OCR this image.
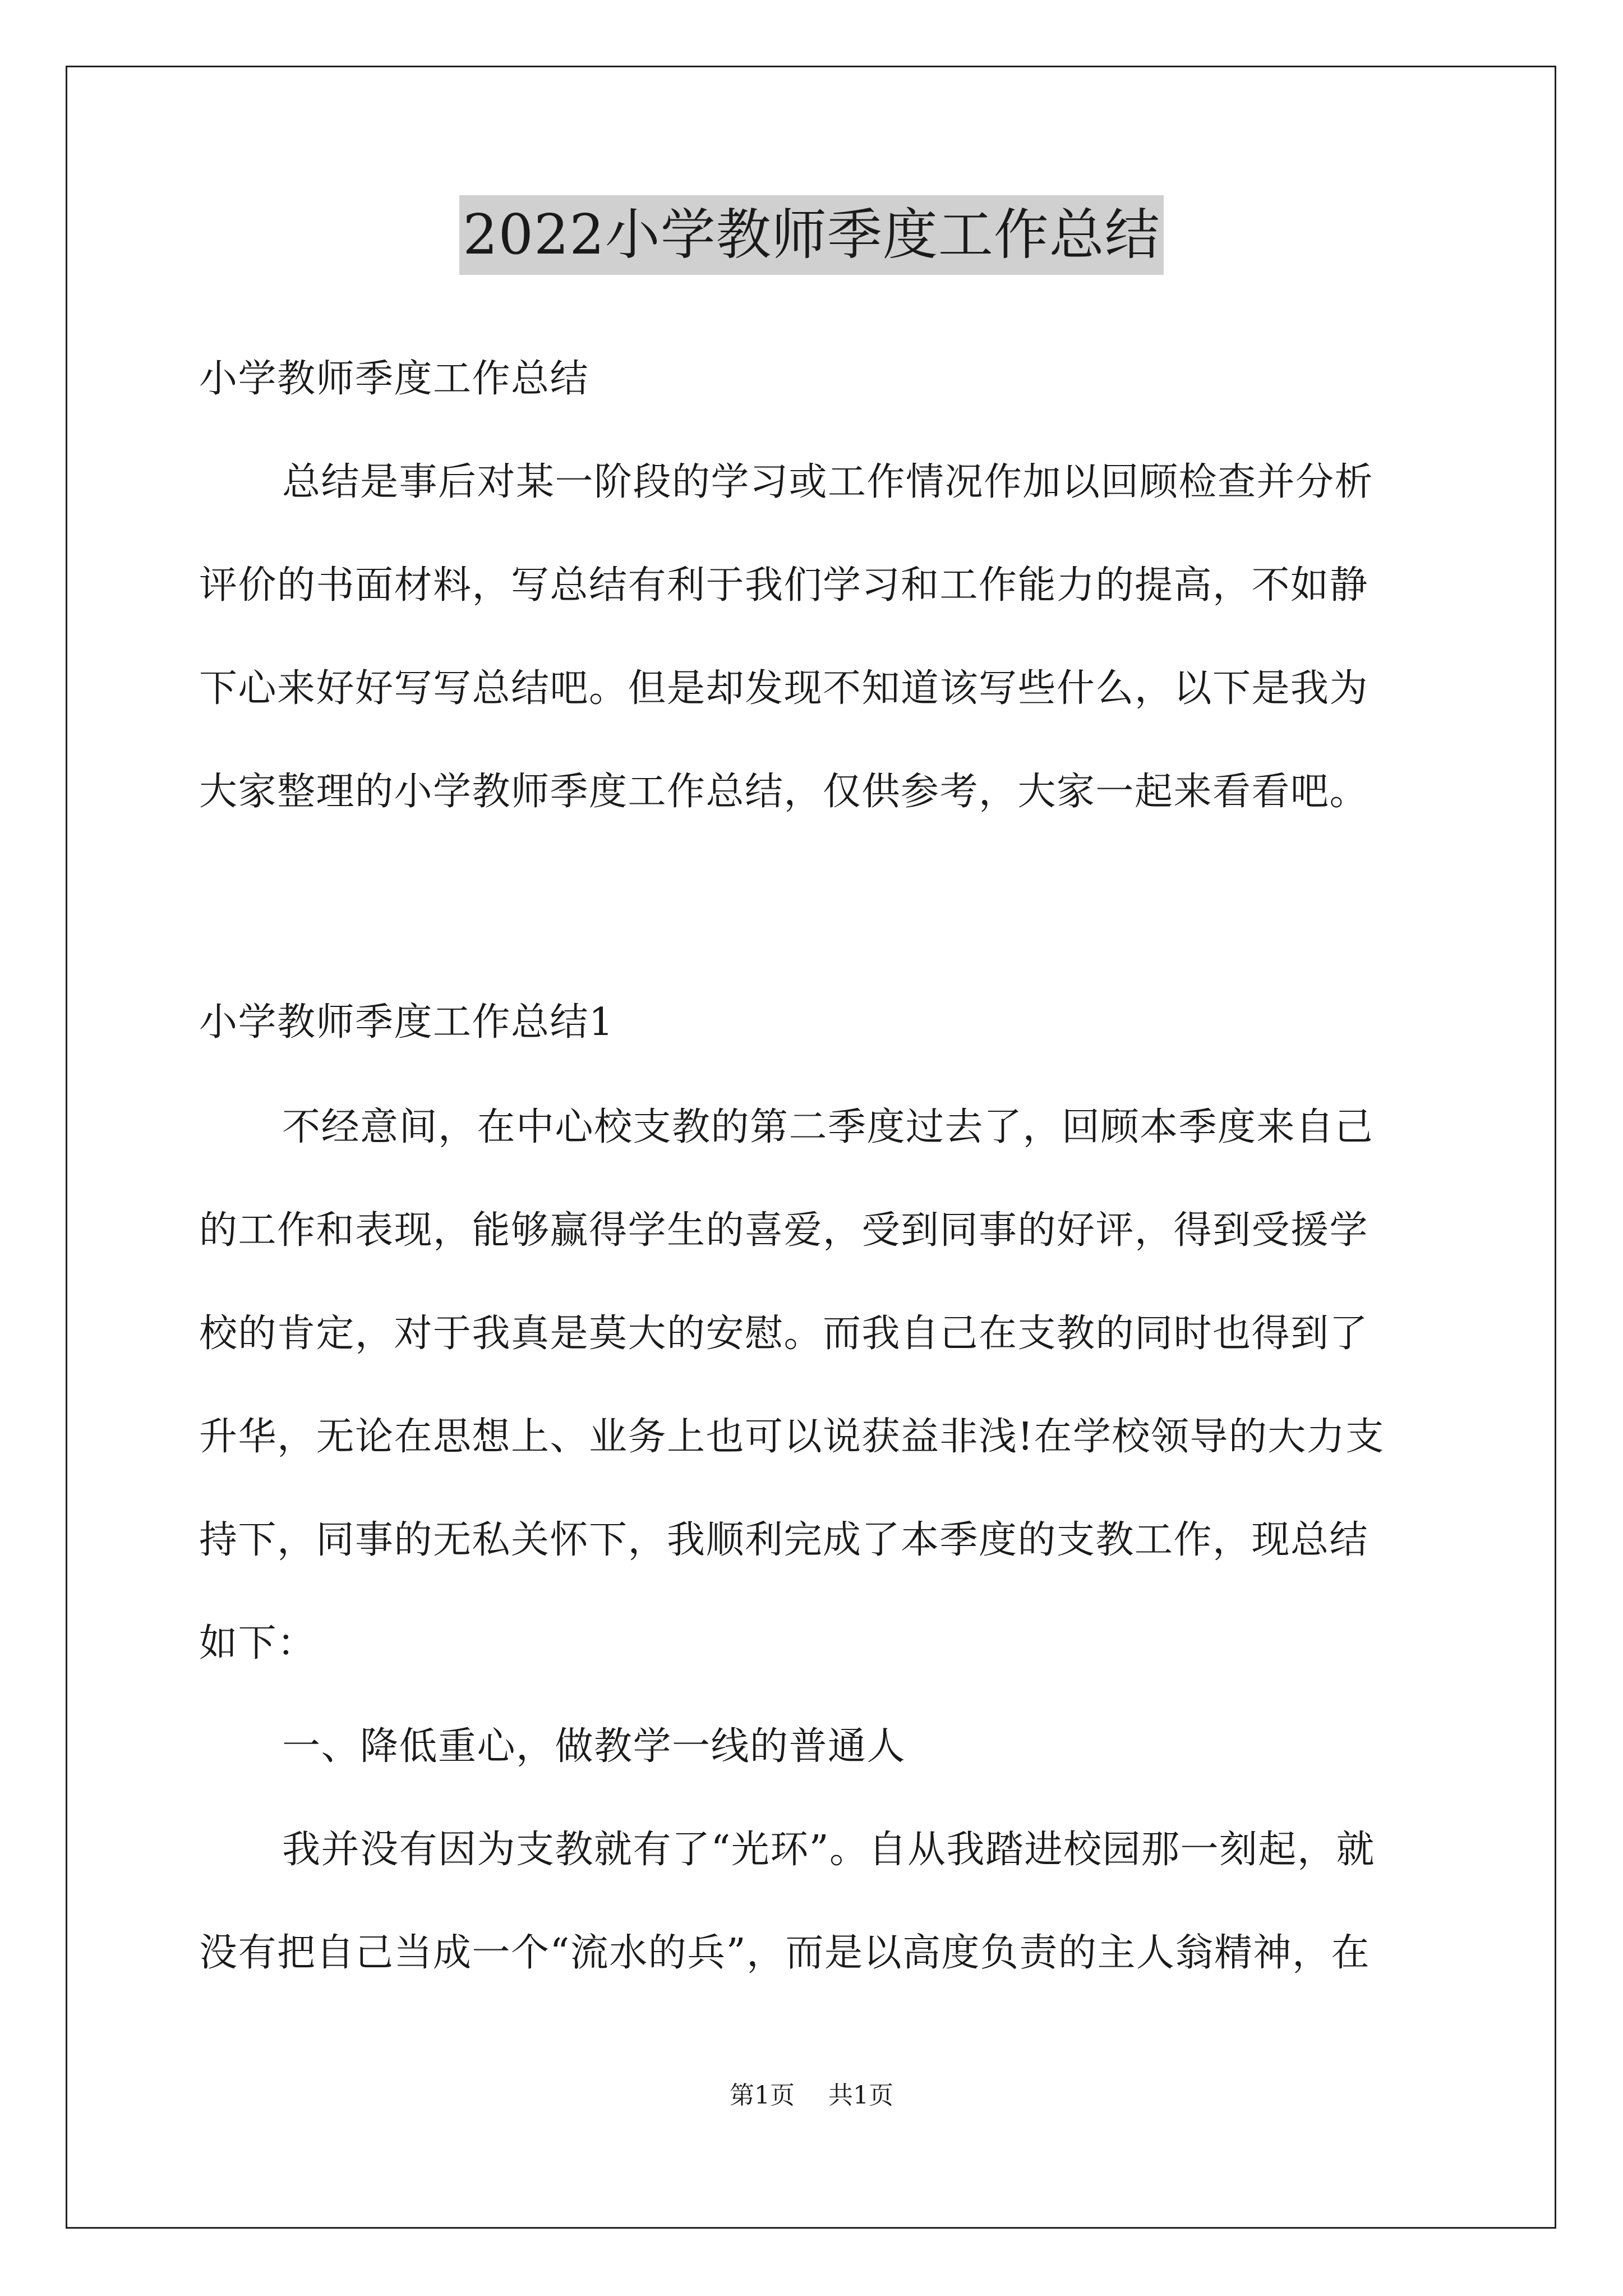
2022小学教师季度工作总结
小学教师季度工作总结
总结是事后对某一阶段的学习或工作情况作加以回顾检查并分析
评价的书面材料，写总结有利于我们学习和工作能力的提高，不如静
下心来好好写写总结吧。但是却发现不知道该写些什么，以下是我为
大家整理的小学教师季度工作总结，仅供参考，大家一起来看看吧。
小学教师季度工作总结1
不经意间，在中心校支教的第二季度过去了，回顾本季度来自己
的工作和表现，能够赢得学生的喜爱，受到同事的好评，得到受援学
校的肯定，对于我真是莫大的安慰。而我自己在支教的同时也得到了
升华，无论在思想上、业务上也可以说获益非浅!在学校领导的大力支
持下，同事的无私关怀下，我顺利完成了本季度的支教工作，现总结
如下：
一、降低重心，做教学一线的普通人
我并没有因为支教就有了“光环”。自从我踏进校园那一刻起，就
没有把自己当成一个“流水的兵”，而是以高度负责的主人翁精神，在
第1页 共1页
